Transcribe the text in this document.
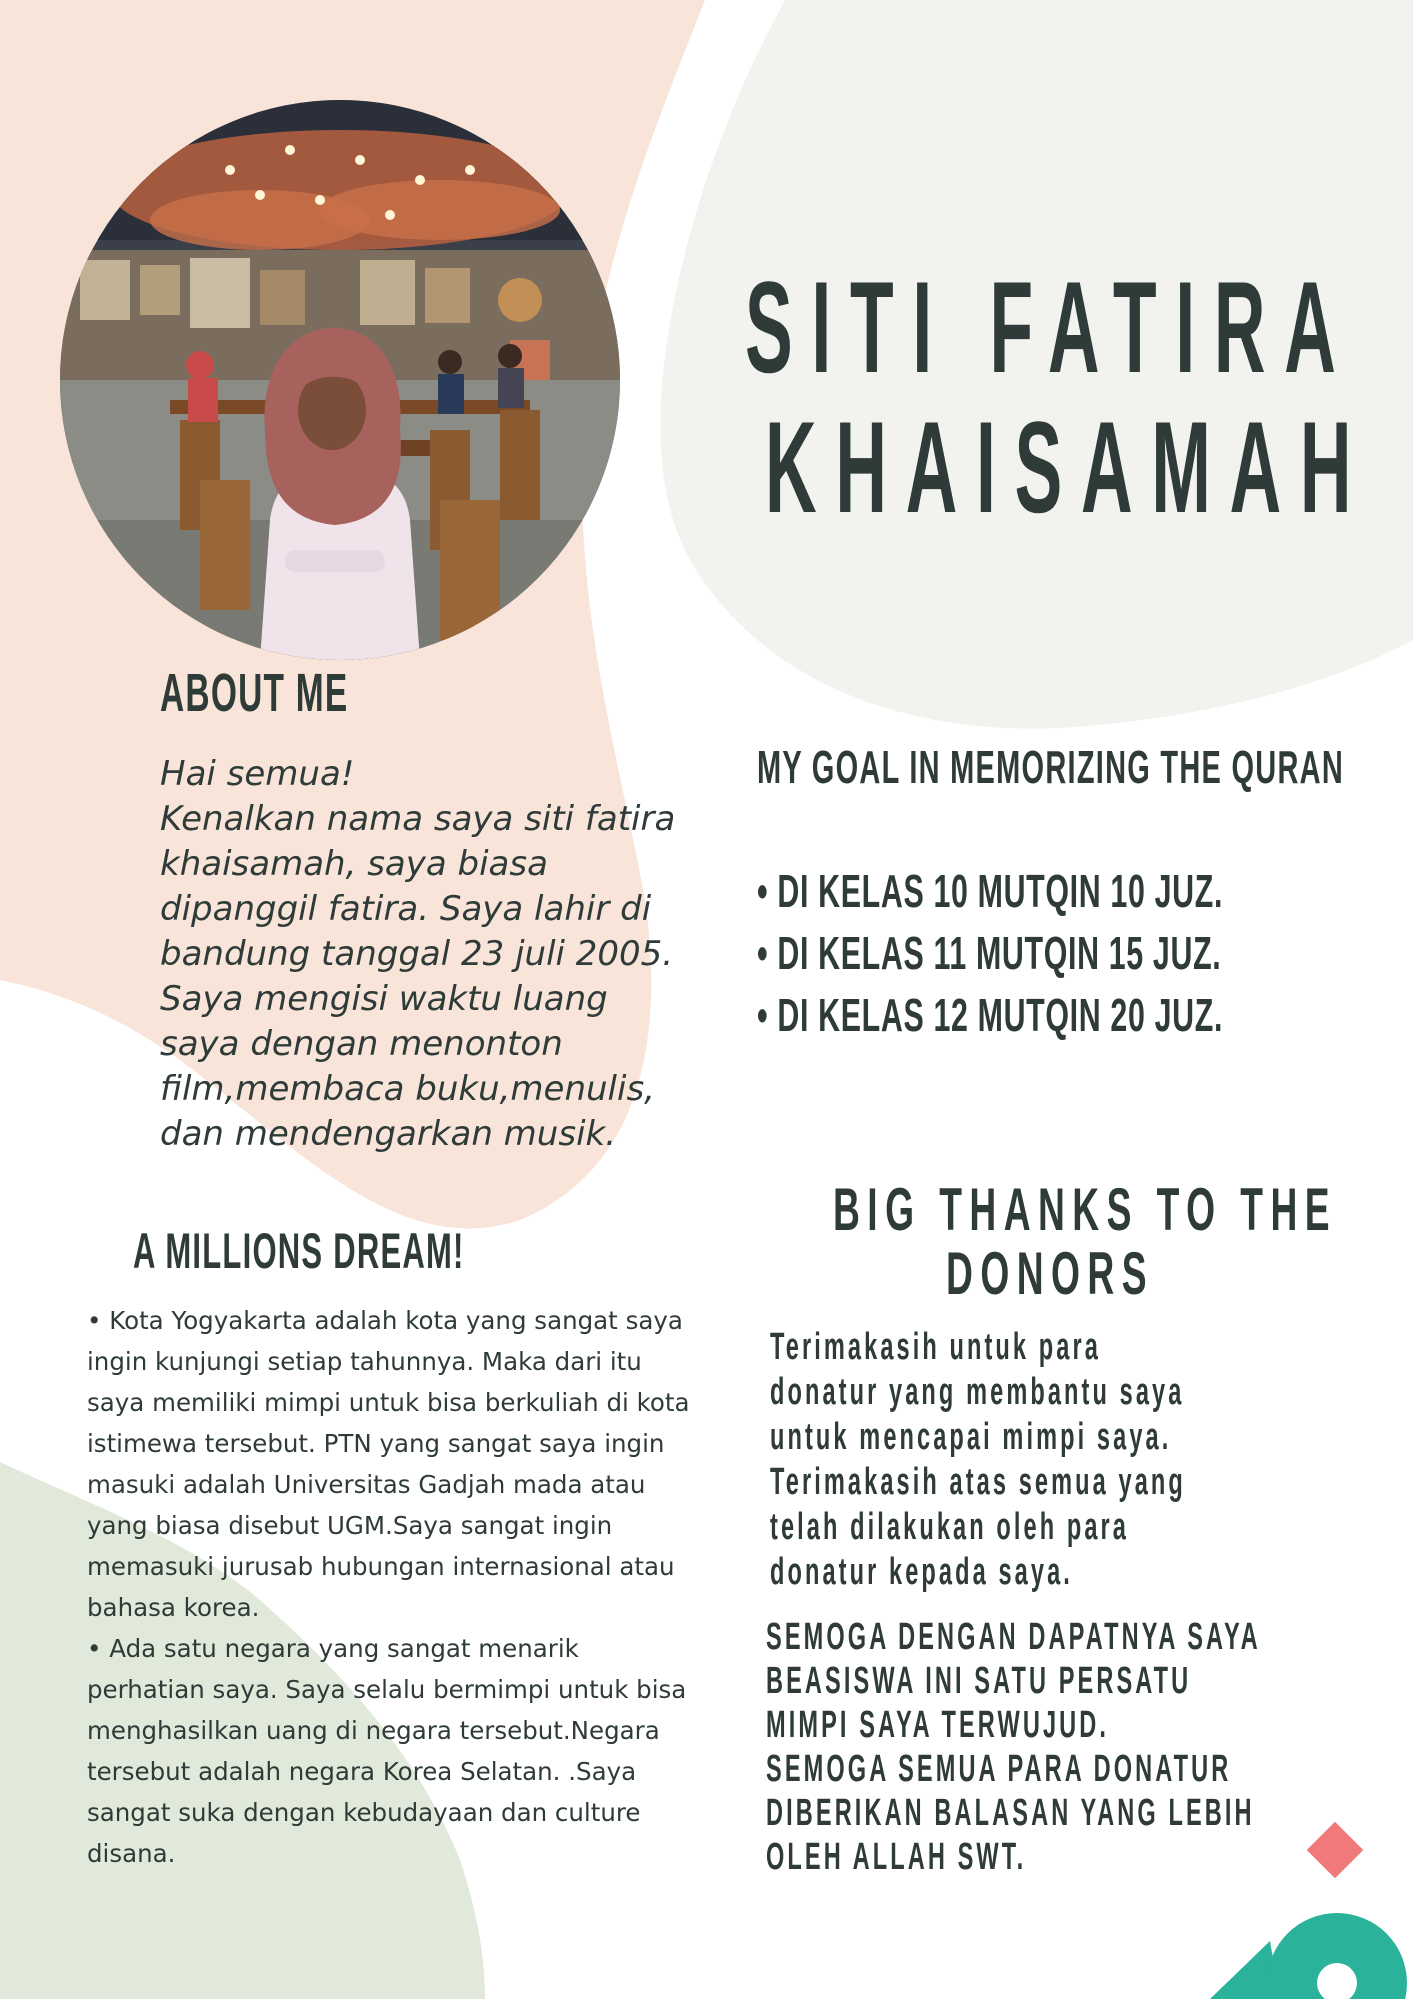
SITI FATIRA
KHAISAMAH
ABOUT ME

Hai semua!

Kenalkan nama saya siti fatira khaisamah, saya biasa dipanggil fatira. Saya lahir di bandung tanggal 23 juli 2005. Saya mengisi waktu luang saya dengan menonton film,membaca buku,menulis, dan mendengarkan musik.

A MILLIONS DREAM!

• Kota Yogyakarta adalah kota yang sangat saya ingin kunjungi setiap tahunnya. Maka dari itu saya memiliki mimpi untuk bisa berkuliah di kota istimewa tersebut. PTN yang sangat saya ingin masuki adalah Universitas Gadjah mada atau yang biasa disebut UGM.Saya sangat ingin memasuki jurusab hubungan internasional atau bahasa korea.

• Ada satu negara yang sangat menarik perhatian saya. Saya selalu bermimpi untuk bisa menghasilkan uang di negara tersebut.Negara tersebut adalah negara Korea Selatan. .Saya sangat suka dengan kebudayaan dan culture disana.

MY GOAL IN MEMORIZING THE QURAN
• DI KELAS 10 MUTQIN 10 JUZ.
• DI KELAS 11 MUTQIN 15 JUZ.
• DI KELAS 12 MUTQIN 20 JUZ.
BIG THANKS TO THE
DONORS
Terimakasih untuk para
donatur yang membantu saya
untuk mencapai mimpi saya.
Terimakasih atas semua yang
telah dilakukan oleh para
donatur kepada saya.
SEMOGA DENGAN DAPATNYA SAYA
BEASISWA INI SATU PERSATU
MIMPI SAYA TERWUJUD.
SEMOGA SEMUA PARA DONATUR
DIBERIKAN BALASAN YANG LEBIH
OLEH ALLAH SWT.
